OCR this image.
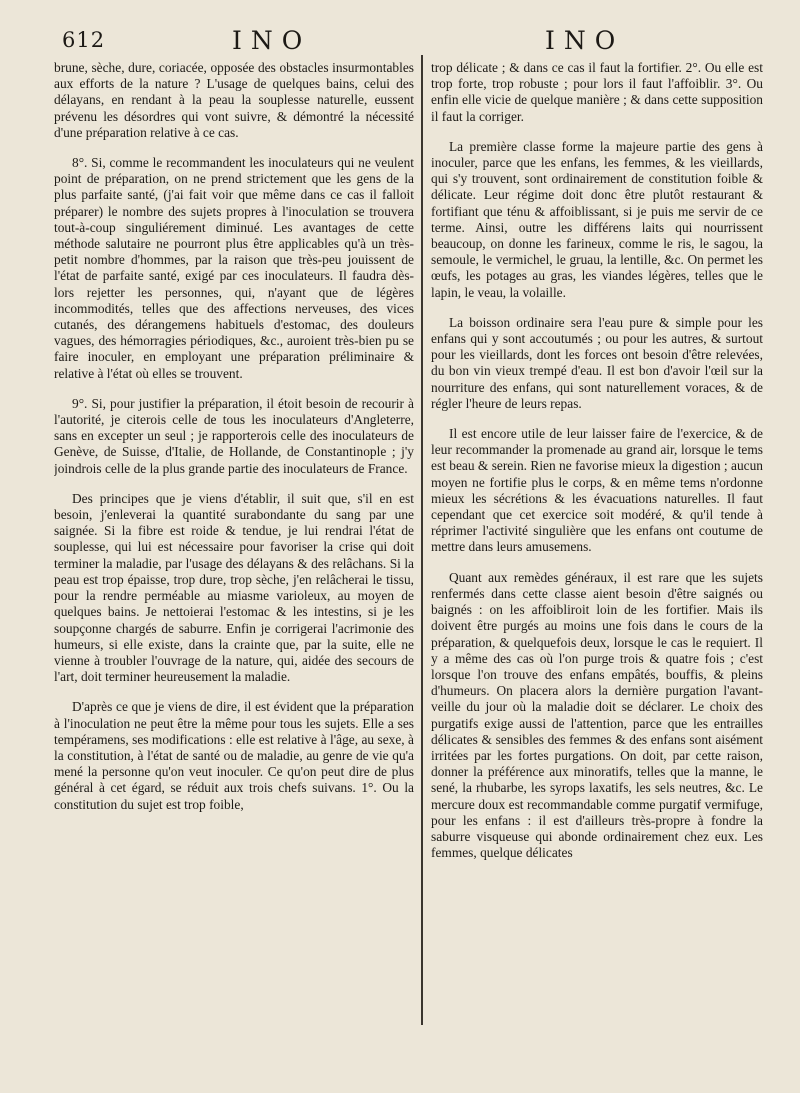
612	INO	INO

brune, sèche, dure, coriacée, opposée des obstacles insurmontables aux efforts de la nature ? L'usage de quelques bains, celui des délayans, en rendant à la peau la souplesse naturelle, eussent prévenu les désordres qui vont suivre, & démontré la nécessité d'une préparation relative à ce cas.

8°. Si, comme le recommandent les inoculateurs qui ne veulent point de préparation, on ne prend strictement que les gens de la plus parfaite santé, (j'ai fait voir que même dans ce cas il falloit préparer) le nombre des sujets propres à l'inoculation se trouvera tout-à-coup singuliérement diminué. Les avantages de cette méthode salutaire ne pourront plus être applicables qu'à un très-petit nombre d'hommes, par la raison que très-peu jouissent de l'état de parfaite santé, exigé par ces inoculateurs. Il faudra dès-lors rejetter les personnes, qui, n'ayant que de légères incommodités, telles que des affections nerveuses, des vices cutanés, des dérangemens habituels d'estomac, des douleurs vagues, des hémorragies périodiques, &c., auroient très-bien pu se faire inoculer, en employant une préparation préliminaire & relative à l'état où elles se trouvent.

9°. Si, pour justifier la préparation, il étoit besoin de recourir à l'autorité, je citerois celle de tous les inoculateurs d'Angleterre, sans en excepter un seul ; je rapporterois celle des inoculateurs de Genève, de Suisse, d'Italie, de Hollande, de Constantinople ; j'y joindrois celle de la plus grande partie des inoculateurs de France.

Des principes que je viens d'établir, il suit que, s'il en est besoin, j'enleverai la quantité surabondante du sang par une saignée. Si la fibre est roide & tendue, je lui rendrai l'état de souplesse, qui lui est nécessaire pour favoriser la crise qui doit terminer la maladie, par l'usage des délayans & des relâchans. Si la peau est trop épaisse, trop dure, trop sèche, j'en relâcherai le tissu, pour la rendre perméable au miasme varioleux, au moyen de quelques bains. Je nettoierai l'estomac & les intestins, si je les soupçonne chargés de saburre. Enfin je corrigerai l'acrimonie des humeurs, si elle existe, dans la crainte que, par la suite, elle ne vienne à troubler l'ouvrage de la nature, qui, aidée des secours de l'art, doit terminer heureusement la maladie.

D'après ce que je viens de dire, il est évident que la préparation à l'inoculation ne peut être la même pour tous les sujets. Elle a ses tempéramens, ses modifications : elle est relative à l'âge, au sexe, à la constitution, à l'état de santé ou de maladie, au genre de vie qu'a mené la personne qu'on veut inoculer. Ce qu'on peut dire de plus général à cet égard, se réduit aux trois chefs suivans. 1°. Ou la constitution du sujet est trop foible,

trop délicate ; & dans ce cas il faut la fortifier. 2°. Ou elle est trop forte, trop robuste ; pour lors il faut l'affoiblir. 3°. Ou enfin elle vicie de quelque manière ; & dans cette supposition il faut la corriger.

La première classe forme la majeure partie des gens à inoculer, parce que les enfans, les femmes, & les vieillards, qui s'y trouvent, sont ordinairement de constitution foible & délicate. Leur régime doit donc être plutôt restaurant & fortifiant que ténu & affoiblissant, si je puis me servir de ce terme. Ainsi, outre les différens laits qui nourrissent beaucoup, on donne les farineux, comme le ris, le sagou, la semoule, le vermichel, le gruau, la lentille, &c. On permet les œufs, les potages au gras, les viandes légères, telles que le lapin, le veau, la volaille.

La boisson ordinaire sera l'eau pure & simple pour les enfans qui y sont accoutumés ; ou pour les autres, & surtout pour les vieillards, dont les forces ont besoin d'être relevées, du bon vin vieux trempé d'eau. Il est bon d'avoir l'œil sur la nourriture des enfans, qui sont naturellement voraces, & de régler l'heure de leurs repas.

Il est encore utile de leur laisser faire de l'exercice, & de leur recommander la promenade au grand air, lorsque le tems est beau & serein. Rien ne favorise mieux la digestion ; aucun moyen ne fortifie plus le corps, & en même tems n'ordonne mieux les sécrétions & les évacuations naturelles. Il faut cependant que cet exercice soit modéré, & qu'il tende à réprimer l'activité singulière que les enfans ont coutume de mettre dans leurs amusemens.

Quant aux remèdes généraux, il est rare que les sujets renfermés dans cette classe aient besoin d'être saignés ou baignés : on les affoibliroit loin de les fortifier. Mais ils doivent être purgés au moins une fois dans le cours de la préparation, & quelquefois deux, lorsque le cas le requiert. Il y a même des cas où l'on purge trois & quatre fois ; c'est lorsque l'on trouve des enfans empâtés, bouffis, & pleins d'humeurs. On placera alors la dernière purgation l'avant-veille du jour où la maladie doit se déclarer. Le choix des purgatifs exige aussi de l'attention, parce que les entrailles délicates & sensibles des femmes & des enfans sont aisément irritées par les fortes purgations. On doit, par cette raison, donner la préférence aux minoratifs, telles que la manne, le sené, la rhubarbe, les syrops laxatifs, les sels neutres, &c. Le mercure doux est recommandable comme purgatif vermifuge, pour les enfans : il est d'ailleurs très-propre à fondre la saburre visqueuse qui abonde ordinairement chez eux. Les femmes, quelque délicates
